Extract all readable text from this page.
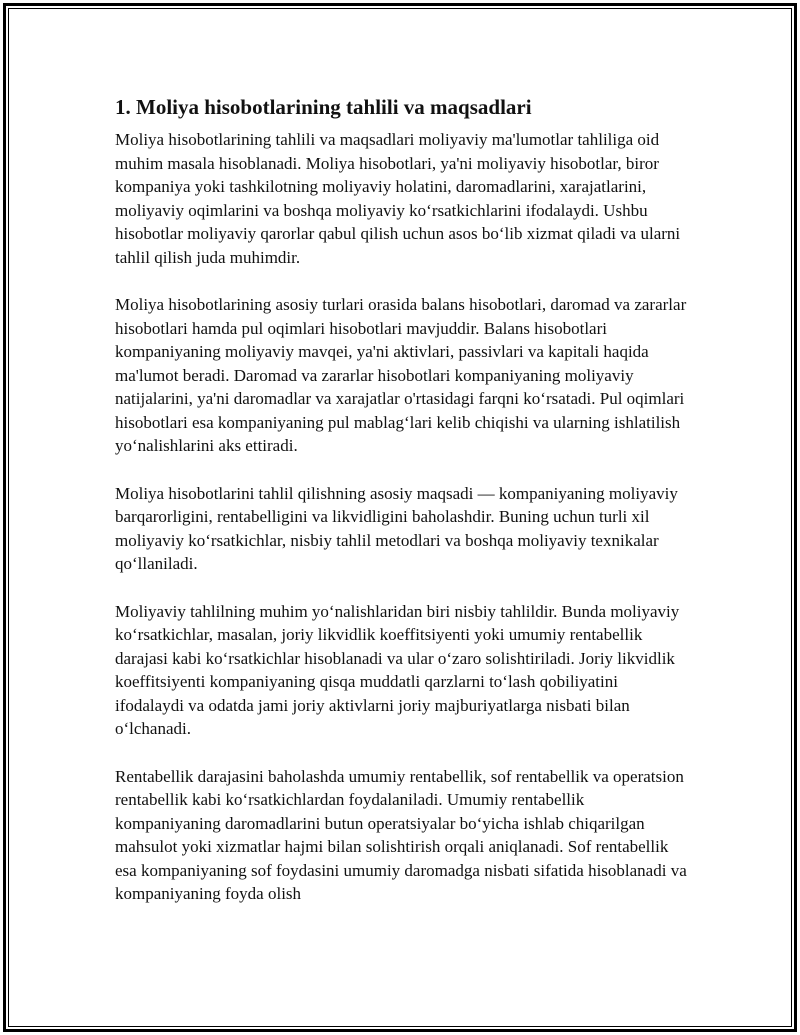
1. Moliya hisobotlarining tahlili va maqsadlari

Moliya hisobotlarining tahlili va maqsadlari moliyaviy ma'lumotlar tahliliga oid muhim masala hisoblanadi. Moliya hisobotlari, ya'ni moliyaviy hisobotlar, biror kompaniya yoki tashkilotning moliyaviy holatini, daromadlarini, xarajatlarini, moliyaviy oqimlarini va boshqa moliyaviy koʻrsatkichlarini ifodalaydi. Ushbu hisobotlar moliyaviy qarorlar qabul qilish uchun asos boʻlib xizmat qiladi va ularni tahlil qilish juda muhimdir.

Moliya hisobotlarining asosiy turlari orasida balans hisobotlari, daromad va zararlar hisobotlari hamda pul oqimlari hisobotlari mavjuddir. Balans hisobotlari kompaniyaning moliyaviy mavqei, ya'ni aktivlari, passivlari va kapitali haqida ma'lumot beradi. Daromad va zararlar hisobotlari kompaniyaning moliyaviy natijalarini, ya'ni daromadlar va xarajatlar o'rtasidagi farqni koʻrsatadi. Pul oqimlari hisobotlari esa kompaniyaning pul mablagʻlari kelib chiqishi va ularning ishlatilish yoʻnalishlarini aks ettiradi.

Moliya hisobotlarini tahlil qilishning asosiy maqsadi — kompaniyaning moliyaviy barqarorligini, rentabelligini va likvidligini baholashdir. Buning uchun turli xil moliyaviy koʻrsatkichlar, nisbiy tahlil metodlari va boshqa moliyaviy texnikalar qoʻllaniladi.

Moliyaviy tahlilning muhim yoʻnalishlaridan biri nisbiy tahlildir. Bunda moliyaviy koʻrsatkichlar, masalan, joriy likvidlik koeffitsiyenti yoki umumiy rentabellik darajasi kabi koʻrsatkichlar hisoblanadi va ular oʻzaro solishtiriladi. Joriy likvidlik koeffitsiyenti kompaniyaning qisqa muddatli qarzlarni toʻlash qobiliyatini ifodalaydi va odatda jami joriy aktivlarni joriy majburiyatlarga nisbati bilan oʻlchanadi.

Rentabellik darajasini baholashda umumiy rentabellik, sof rentabellik va operatsion rentabellik kabi koʻrsatkichlardan foydalaniladi. Umumiy rentabellik kompaniyaning daromadlarini butun operatsiyalar boʻyicha ishlab chiqarilgan mahsulot yoki xizmatlar hajmi bilan solishtirish orqali aniqlanadi. Sof rentabellik esa kompaniyaning sof foydasini umumiy daromadga nisbati sifatida hisoblanadi va kompaniyaning foyda olish
